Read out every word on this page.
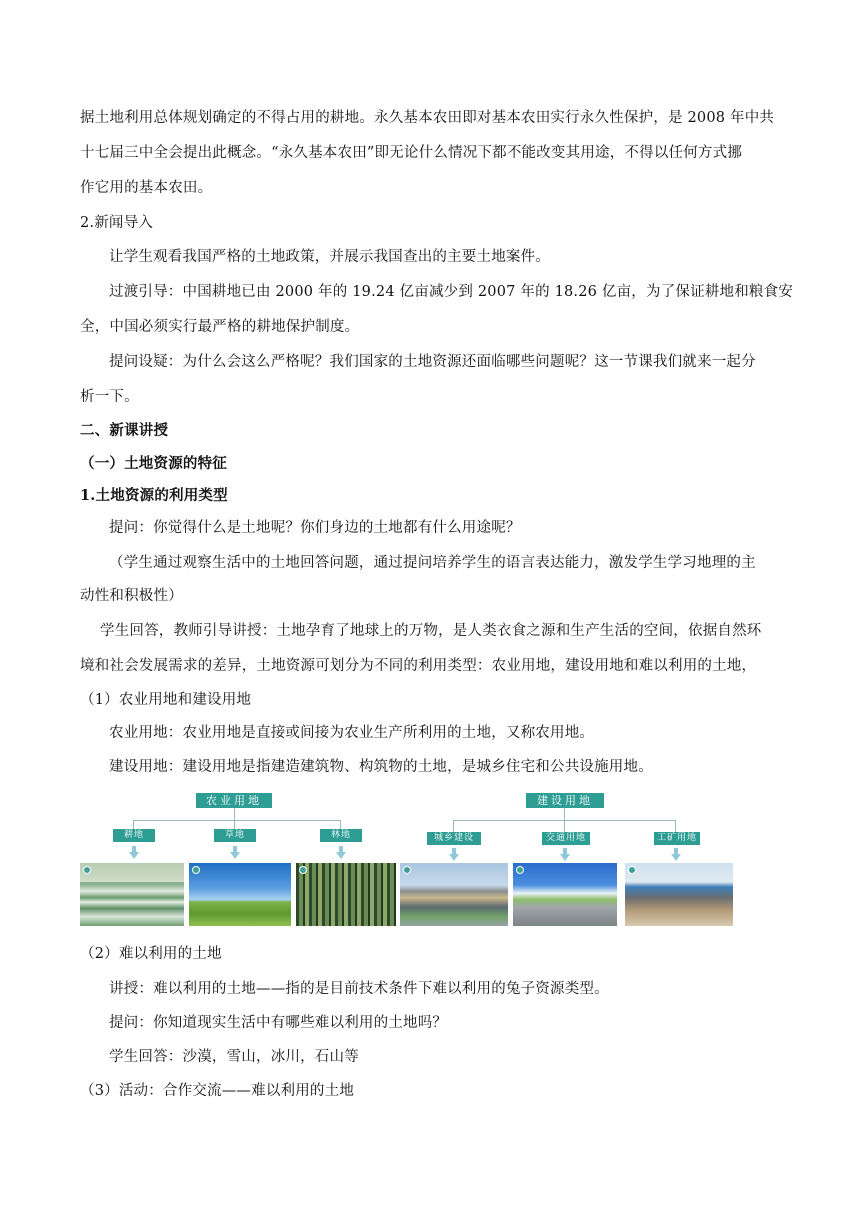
据土地利用总体规划确定的不得占用的耕地。永久基本农田即对基本农田实行永久性保护，是 2008 年中共
十七届三中全会提出此概念。“永久基本农田”即无论什么情况下都不能改变其用途，不得以任何方式挪
作它用的基本农田。
2.新闻导入
让学生观看我国严格的土地政策，并展示我国查出的主要土地案件。
过渡引导：中国耕地已由 2000 年的 19.24 亿亩减少到 2007 年的 18.26 亿亩，为了保证耕地和粮食安
全，中国必须实行最严格的耕地保护制度。
提问设疑：为什么会这么严格呢？我们国家的土地资源还面临哪些问题呢？这一节课我们就来一起分
析一下。
二、新课讲授
（一）土地资源的特征
1.土地资源的利用类型
提问：你觉得什么是土地呢？你们身边的土地都有什么用途呢？
（学生通过观察生活中的土地回答问题，通过提问培养学生的语言表达能力，激发学生学习地理的主
动性和积极性）
学生回答，教师引导讲授：土地孕育了地球上的万物，是人类衣食之源和生产生活的空间，依据自然环
境和社会发展需求的差异，土地资源可划分为不同的利用类型：农业用地，建设用地和难以利用的土地，
（1）农业用地和建设用地
农业用地：农业用地是直接或间接为农业生产所利用的土地，又称农用地。
建设用地：建设用地是指建造建筑物、构筑物的土地，是城乡住宅和公共设施用地。
农业用地
耕地	草地	林地
建设用地
城乡建设	交通用地	工矿用地
（2）难以利用的土地
讲授：难以利用的土地——指的是目前技术条件下难以利用的兔子资源类型。
提问：你知道现实生活中有哪些难以利用的土地吗？
学生回答：沙漠，雪山，冰川，石山等
（3）活动：合作交流——难以利用的土地
